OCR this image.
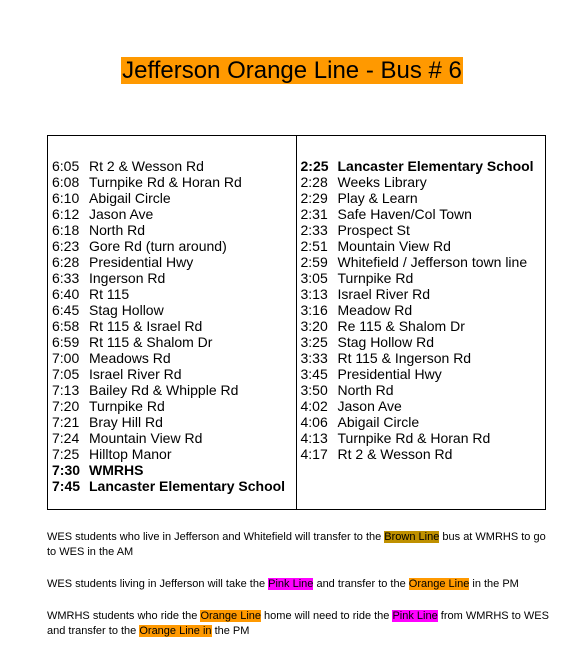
Jefferson Orange Line - Bus # 6
6:05 Rt 2 & Wesson Rd
6:08 Turnpike Rd & Horan Rd
6:10 Abigail Circle
6:12 Jason Ave
6:18 North Rd
6:23 Gore Rd (turn around)
6:28 Presidential Hwy
6:33 Ingerson Rd
6:40 Rt 115
6:45 Stag Hollow
6:58 Rt 115 & Israel Rd
6:59 Rt 115 & Shalom Dr
7:00 Meadows Rd
7:05 Israel River Rd
7:13 Bailey Rd & Whipple Rd
7:20 Turnpike Rd
7:21 Bray Hill Rd
7:24 Mountain View Rd
7:25 Hilltop Manor
7:30 WMRHS
7:45 Lancaster Elementary School
2:25 Lancaster Elementary School
2:28 Weeks Library
2:29 Play & Learn
2:31 Safe Haven/Col Town
2:33 Prospect St
2:51 Mountain View Rd
2:59 Whitefield / Jefferson town line
3:05 Turnpike Rd
3:13 Israel River Rd
3:16 Meadow Rd
3:20 Re 115 & Shalom Dr
3:25 Stag Hollow Rd
3:33 Rt 115 & Ingerson Rd
3:45 Presidential Hwy
3:50 North Rd
4:02 Jason Ave
4:06 Abigail Circle
4:13 Turnpike Rd & Horan Rd
4:17 Rt 2 & Wesson Rd

WES students who live in Jefferson and Whitefield will transfer to the Brown Line bus at WMRHS to go to WES in the AM

WES students living in Jefferson will take the Pink Line and transfer to the Orange Line in the PM

WMRHS students who ride the Orange Line home will need to ride the Pink Line from WMRHS to WES and transfer to the Orange Line in the PM
